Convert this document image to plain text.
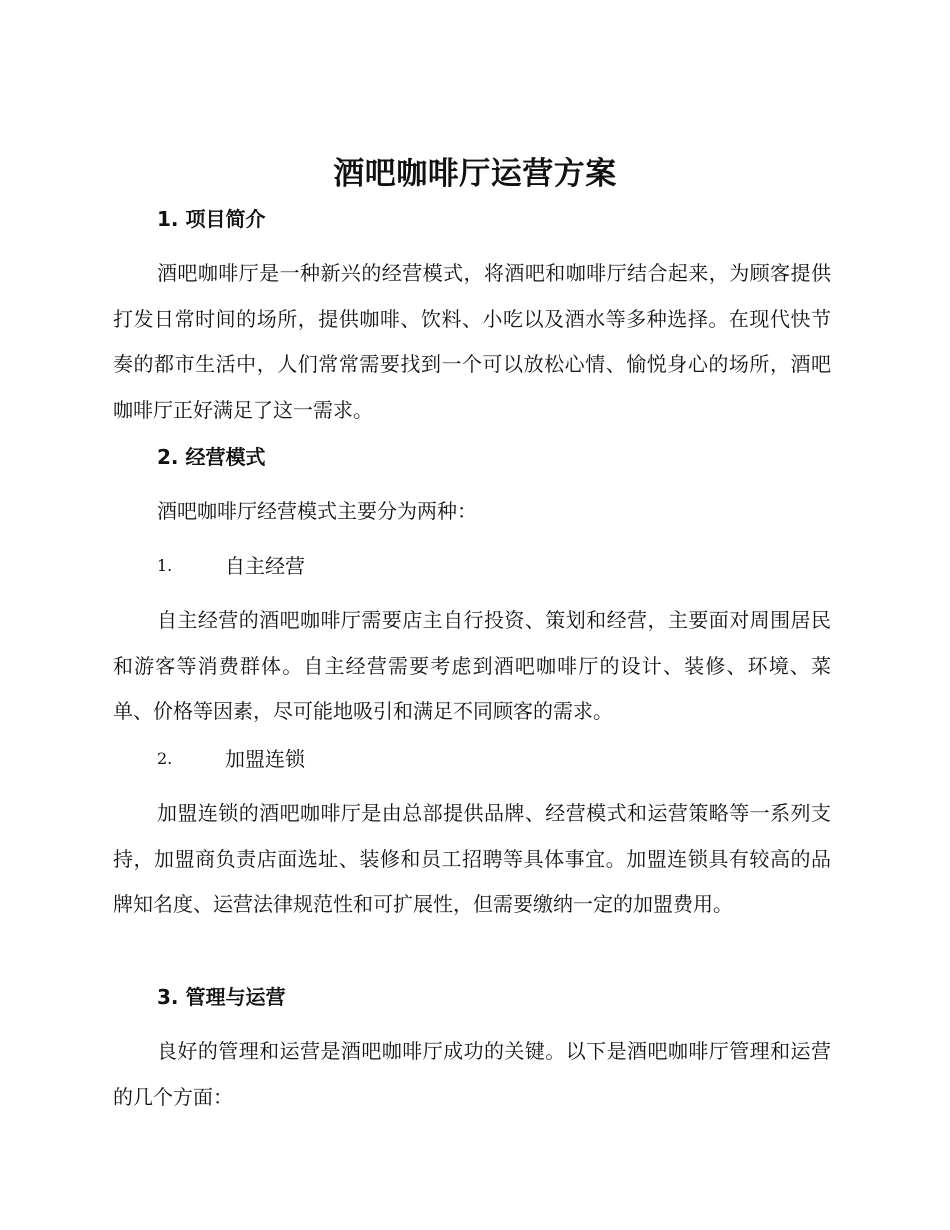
酒吧咖啡厅运营方案
1. 项目简介

酒吧咖啡厅是一种新兴的经营模式，将酒吧和咖啡厅结合起来，为顾客提供打发日常时间的场所，提供咖啡、饮料、小吃以及酒水等多种选择。在现代快节奏的都市生活中，人们常常需要找到一个可以放松心情、愉悦身心的场所，酒吧咖啡厅正好满足了这一需求。

2. 经营模式
酒吧咖啡厅经营模式主要分为两种：
1.	自主经营

自主经营的酒吧咖啡厅需要店主自行投资、策划和经营，主要面对周围居民和游客等消费群体。自主经营需要考虑到酒吧咖啡厅的设计、装修、环境、菜单、价格等因素，尽可能地吸引和满足不同顾客的需求。

2.	加盟连锁

加盟连锁的酒吧咖啡厅是由总部提供品牌、经营模式和运营策略等一系列支持，加盟商负责店面选址、装修和员工招聘等具体事宜。加盟连锁具有较高的品牌知名度、运营法律规范性和可扩展性，但需要缴纳一定的加盟费用。

3. 管理与运营

良好的管理和运营是酒吧咖啡厅成功的关键。以下是酒吧咖啡厅管理和运营的几个方面：
